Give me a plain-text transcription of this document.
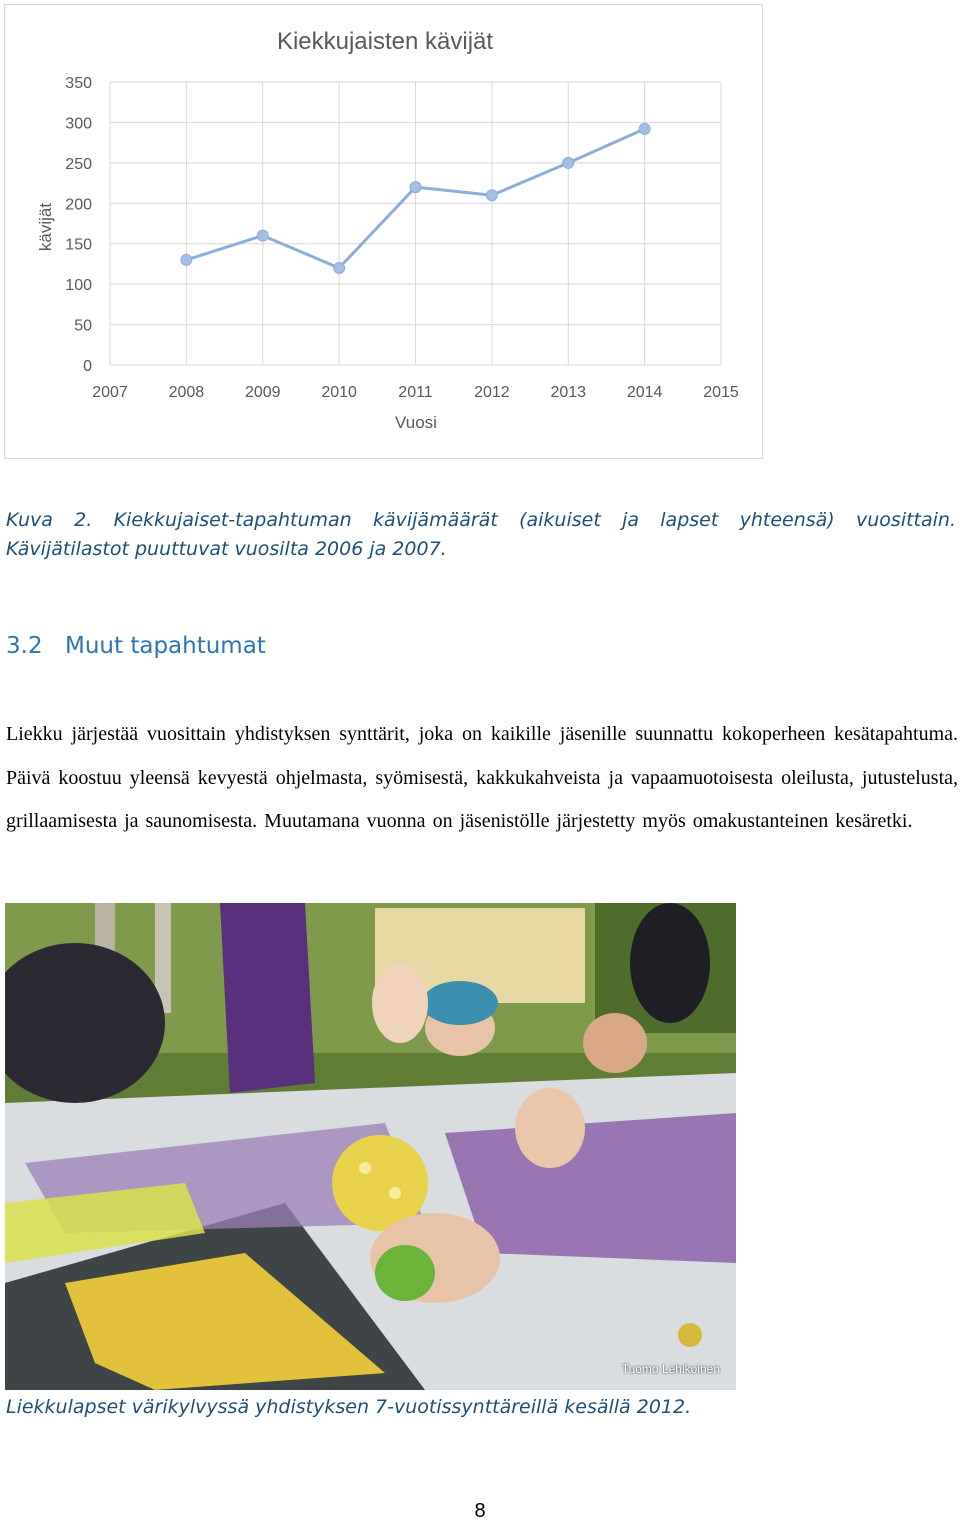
0
50
100
150
200
250
300
350
2007	2008	2009	2010	2011	2012	2013	2014	2015
Kiekkujaisten kävijät
Vuosi
kävijät

Kuva 2. Kiekkujaiset-tapahtuman kävijämäärät (aikuiset ja lapset yhteensä) vuosittain. Kävijätilastot puuttuvat vuosilta 2006 ja 2007.

3.2 Muut tapahtumat

Liekku järjestää vuosittain yhdistyksen synttärit, joka on kaikille jäsenille suunnattu kokoperheen kesätapahtuma. Päivä koostuu yleensä kevyestä ohjelmasta, syömisestä, kakkukahveista ja vapaamuotoisesta oleilusta, jutustelusta, grillaamisesta ja saunomisesta. Muutamana vuonna on jäsenistölle järjestetty myös omakustanteinen kesäretki.

Tuomo Lehikoinen

Liekkulapset värikylvyssä yhdistyksen 7-vuotissynttäreillä kesällä 2012.

8
